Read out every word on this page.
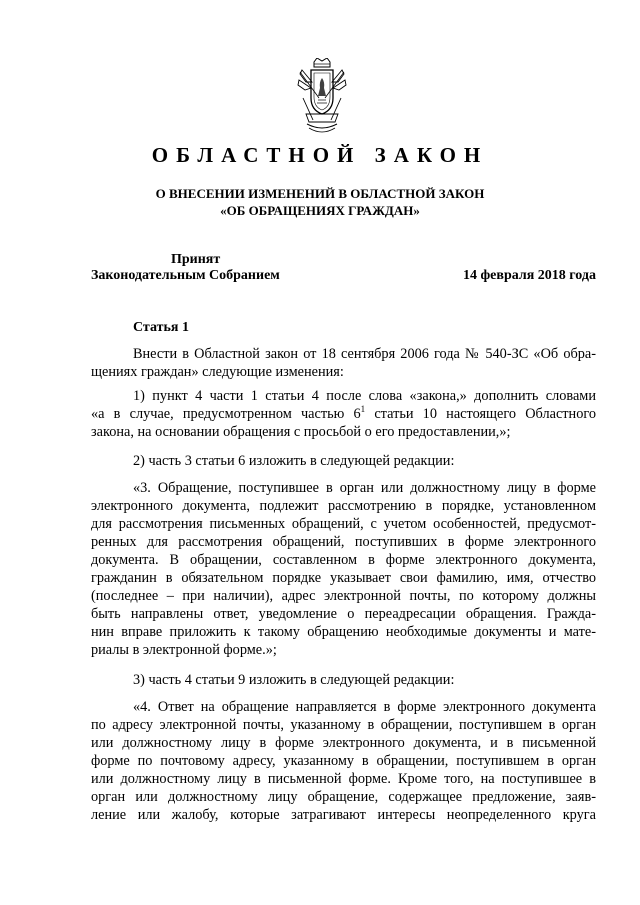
ОБЛАСТНОЙ ЗАКОН
О ВНЕСЕНИИ ИЗМЕНЕНИЙ В ОБЛАСТНОЙ ЗАКОН
«ОБ ОБРАЩЕНИЯХ ГРАЖДАН»
Принят
Законодательным Собранием	14 февраля 2018 года
Статья 1
Внести в Областной закон от 18 сентября 2006 года № 540-ЗС «Об обра-
щениях граждан» следующие изменения:
1) пункт 4 части 1 статьи 4 после слова «закона,» дополнить словами
«а в случае, предусмотренном частью $6^1$ статьи 10 настоящего Областного
закона, на основании обращения с просьбой о его предоставлении,»;
2) часть 3 статьи 6 изложить в следующей редакции:
«3. Обращение, поступившее в орган или должностному лицу в форме
электронного документа, подлежит рассмотрению в порядке, установленном
для рассмотрения письменных обращений, с учетом особенностей, предусмот-
ренных для рассмотрения обращений, поступивших в форме электронного
документа. В обращении, составленном в форме электронного документа,
гражданин в обязательном порядке указывает свои фамилию, имя, отчество
(последнее – при наличии), адрес электронной почты, по которому должны
быть направлены ответ, уведомление о переадресации обращения. Гражда-
нин вправе приложить к такому обращению необходимые документы и мате-
риалы в электронной форме.»;
3) часть 4 статьи 9 изложить в следующей редакции:
«4. Ответ на обращение направляется в форме электронного документа
по адресу электронной почты, указанному в обращении, поступившем в орган
или должностному лицу в форме электронного документа, и в письменной
форме по почтовому адресу, указанному в обращении, поступившем в орган
или должностному лицу в письменной форме. Кроме того, на поступившее в
орган или должностному лицу обращение, содержащее предложение, заяв-
ление или жалобу, которые затрагивают интересы неопределенного круга
